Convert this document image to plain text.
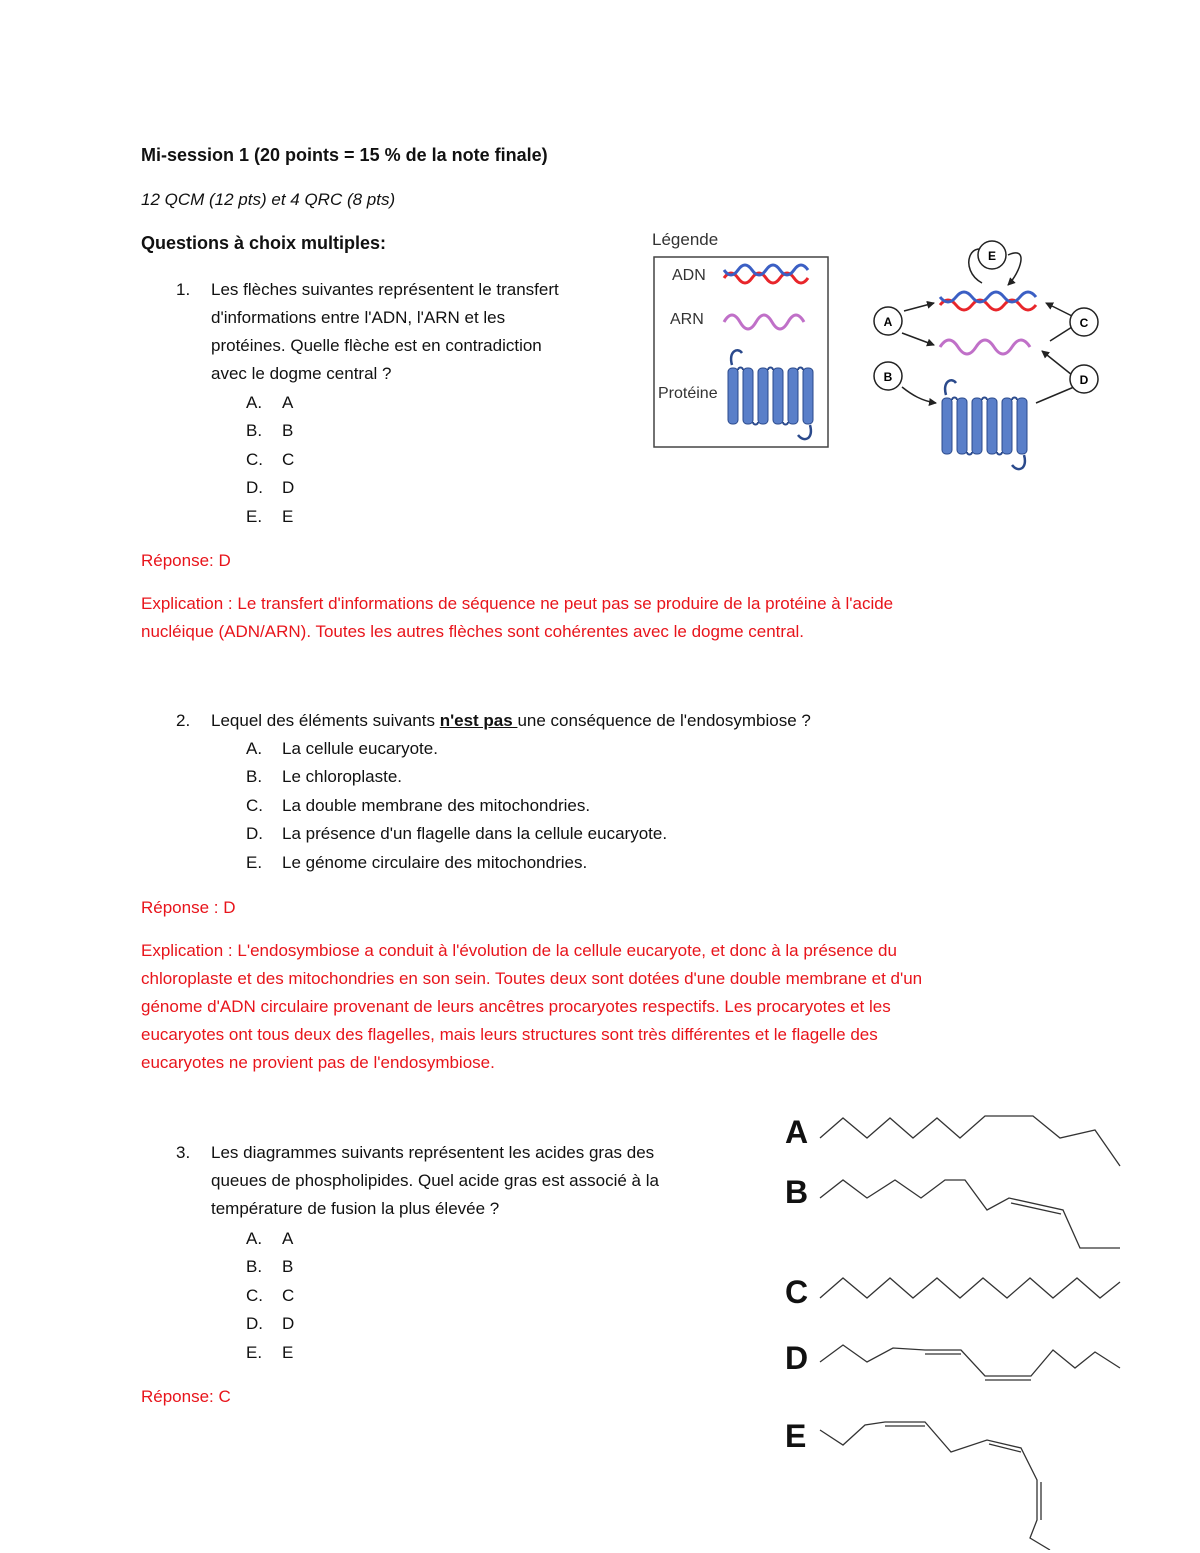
Mi-session 1 (20 points = 15 % de la note finale)
12 QCM (12 pts) et 4 QRC (8 pts)
Questions à choix multiples:
1.	Les flèches suivantes représentent le transfert
d'informations entre l'ADN, l'ARN et les
protéines. Quelle flèche est en contradiction
avec le dogme central ?
A.	A
B.	B
C.	C
D.	D
E.	E
Réponse: D
Explication : Le transfert d'informations de séquence ne peut pas se produire de la protéine à l'acide
nucléique (ADN/ARN). Toutes les autres flèches sont cohérentes avec le dogme central.
Légende
ADN
ARN
Protéine
E
A	C
B	D
2.	Lequel des éléments suivants n'est pas une conséquence de l'endosymbiose ?
A.	La cellule eucaryote.
B.	Le chloroplaste.
C.	La double membrane des mitochondries.
D.	La présence d'un flagelle dans la cellule eucaryote.
E.	Le génome circulaire des mitochondries.
Réponse : D
Explication : L'endosymbiose a conduit à l'évolution de la cellule eucaryote, et donc à la présence du
chloroplaste et des mitochondries en son sein. Toutes deux sont dotées d'une double membrane et d'un
génome d'ADN circulaire provenant de leurs ancêtres procaryotes respectifs. Les procaryotes et les
eucaryotes ont tous deux des flagelles, mais leurs structures sont très différentes et le flagelle des
eucaryotes ne provient pas de l'endosymbiose.
3.	Les diagrammes suivants représentent les acides gras des
queues de phospholipides. Quel acide gras est associé à la
température de fusion la plus élevée ?
A.	A
B.	B
C.	C
D.	D
E.	E
Réponse: C
A
B
C
D
E
